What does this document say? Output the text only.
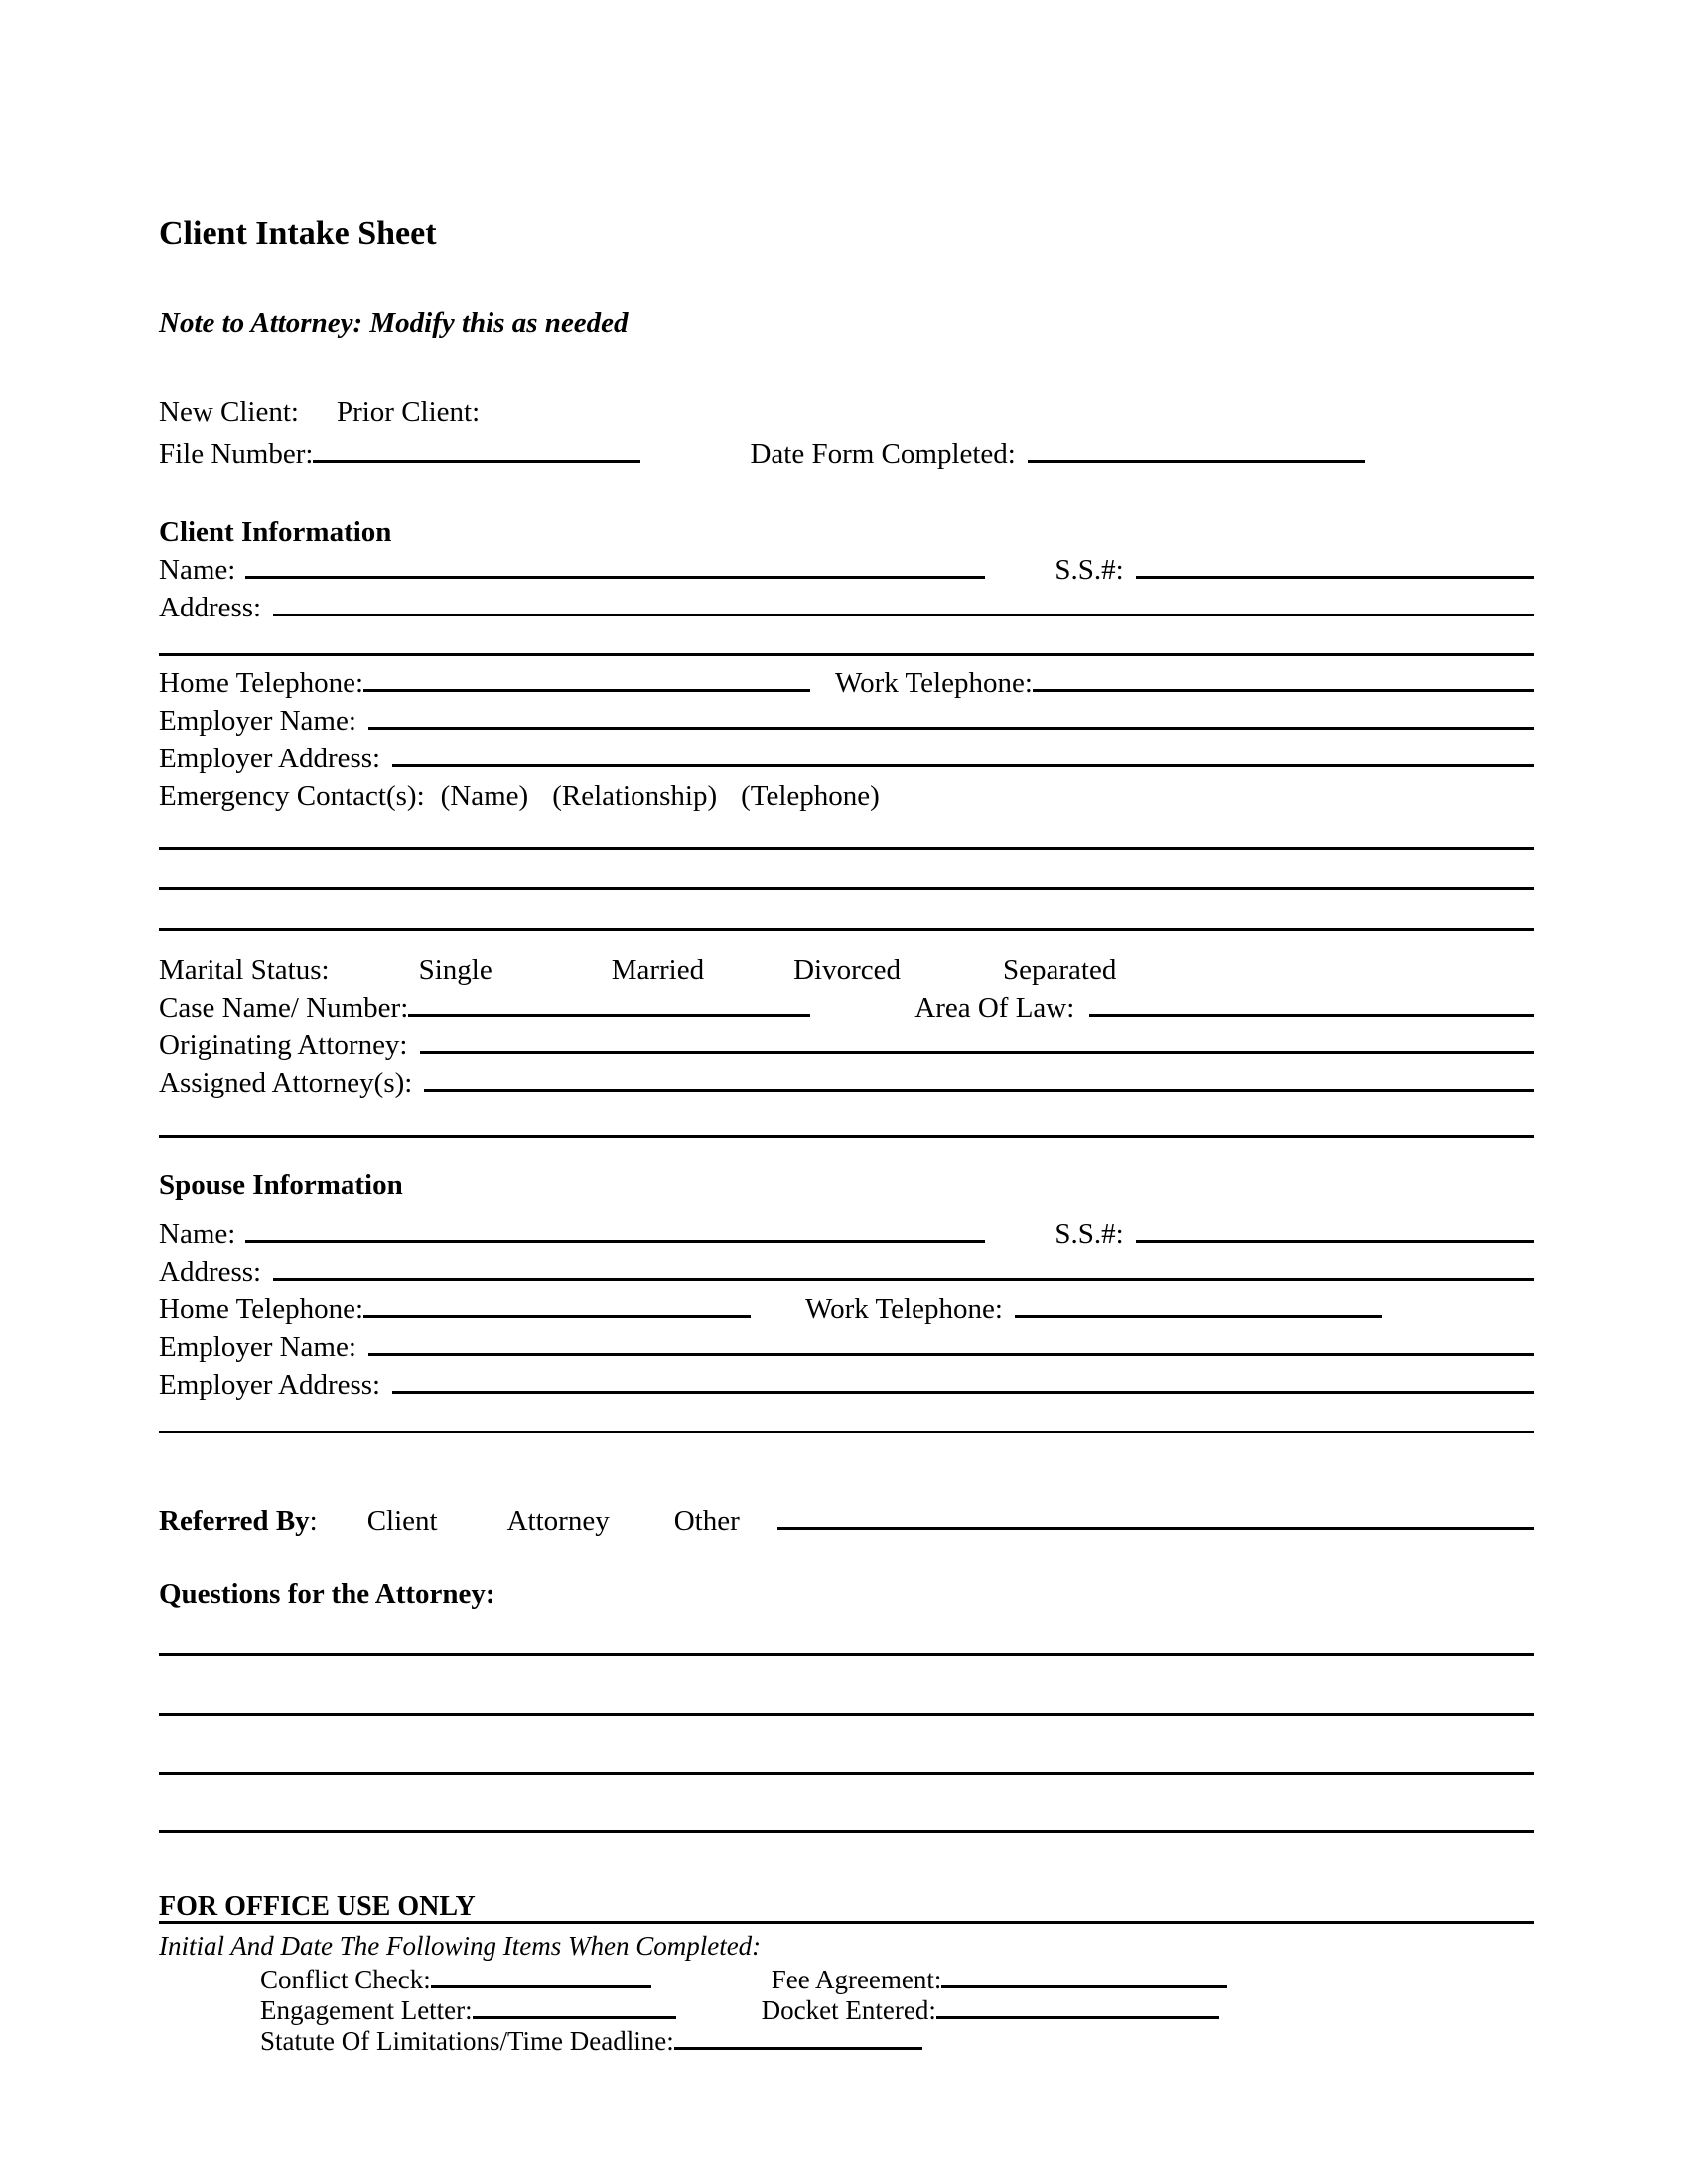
Client Intake Sheet
Note to Attorney: Modify this as needed
New Client: Prior Client:
File Number:	Date Form Completed:
Client Information
Name:	S.S.#:
Address:
Home Telephone:	Work Telephone:
Employer Name:
Employer Address:
Emergency Contact(s): (Name) (Relationship) (Telephone)
Marital Status:	Single	Married	Divorced	Separated
Case Name/ Number:	Area Of Law:
Originating Attorney:
Assigned Attorney(s):
Spouse Information
Name:	S.S.#:
Address:
Home Telephone:	Work Telephone:
Employer Name:
Employer Address:
Referred By : Client Attorney Other
Questions for the Attorney:
FOR OFFICE USE ONLY
Initial And Date The Following Items When Completed:
Conflict Check:	Fee Agreement:
Engagement Letter:	Docket Entered:
Statute Of Limitations/Time Deadline:
